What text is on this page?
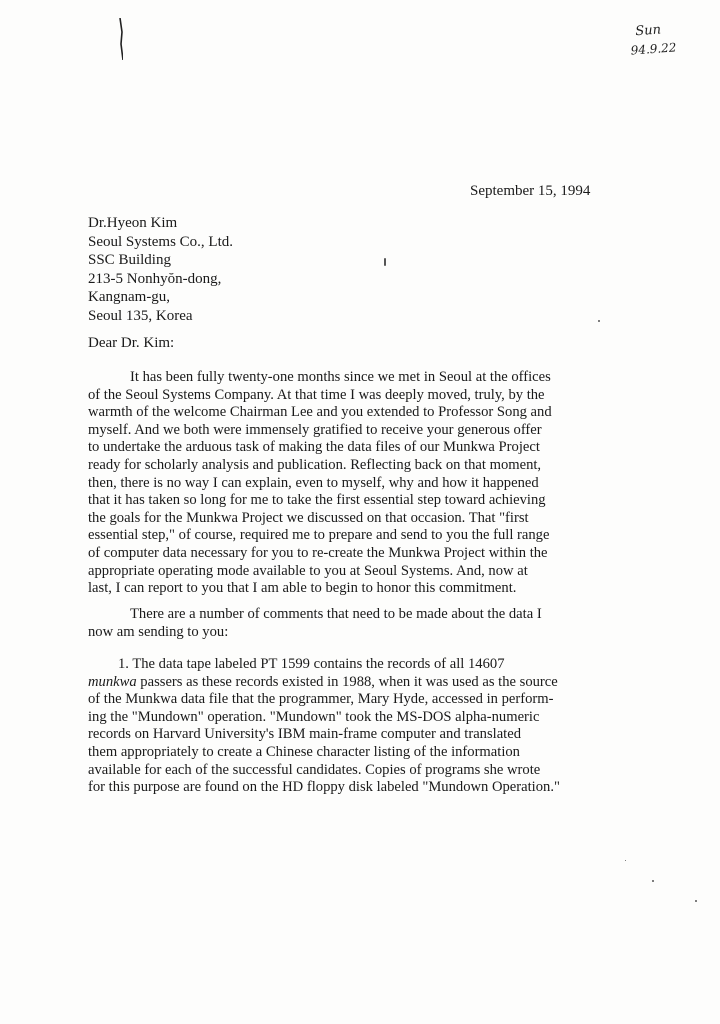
Sun
94.9.22
September 15, 1994
Dr.Hyeon Kim
Seoul Systems Co., Ltd.
SSC Building
213-5 Nonhyŏn-dong,
Kangnam-gu,
Seoul 135, Korea
Dear Dr. Kim:
It has been fully twenty-one months since we met in Seoul at the offices
of the Seoul Systems Company. At that time I was deeply moved, truly, by the
warmth of the welcome Chairman Lee and you extended to Professor Song and
myself. And we both were immensely gratified to receive your generous offer
to undertake the arduous task of making the data files of our Munkwa Project
ready for scholarly analysis and publication. Reflecting back on that moment,
then, there is no way I can explain, even to myself, why and how it happened
that it has taken so long for me to take the first essential step toward achieving
the goals for the Munkwa Project we discussed on that occasion. That "first
essential step," of course, required me to prepare and send to you the full range
of computer data necessary for you to re-create the Munkwa Project within the
appropriate operating mode available to you at Seoul Systems. And, now at
last, I can report to you that I am able to begin to honor this commitment.
There are a number of comments that need to be made about the data I
now am sending to you:
1. The data tape labeled PT 1599 contains the records of all 14607
munkwa passers as these records existed in 1988, when it was used as the source
of the Munkwa data file that the programmer, Mary Hyde, accessed in perform-
ing the "Mundown" operation. "Mundown" took the MS-DOS alpha-numeric
records on Harvard University's IBM main-frame computer and translated
them appropriately to create a Chinese character listing of the information
available for each of the successful candidates. Copies of programs she wrote
for this purpose are found on the HD floppy disk labeled "Mundown Operation."
